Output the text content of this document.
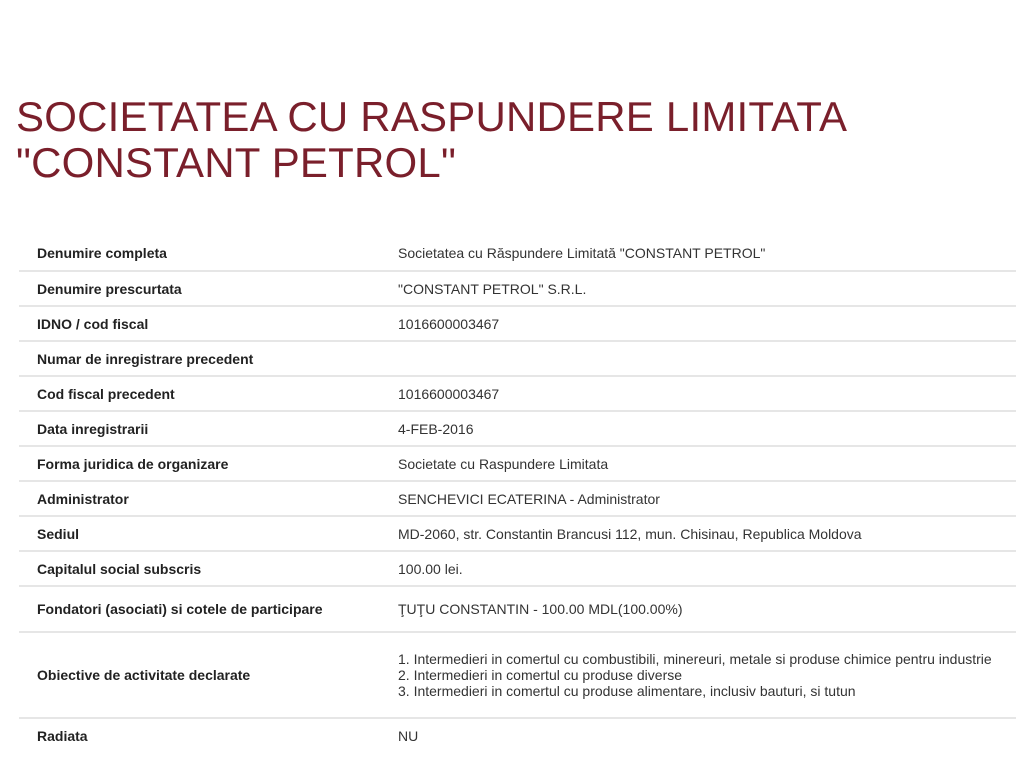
SOCIETATEA CU RASPUNDERE LIMITATA
"CONSTANT PETROL"
Denumire completa	Societatea cu Răspundere Limitată "CONSTANT PETROL"
Denumire prescurtata	"CONSTANT PETROL" S.R.L.
IDNO / cod fiscal	1016600003467
Numar de inregistrare precedent	
Cod fiscal precedent	1016600003467
Data inregistrarii	4-FEB-2016
Forma juridica de organizare	Societate cu Raspundere Limitata
Administrator	SENCHEVICI ECATERINA - Administrator
Sediul	MD-2060, str. Constantin Brancusi 112, mun. Chisinau, Republica Moldova
Capitalul social subscris	100.00 lei.
Fondatori (asociati) si cotele de participare	ŢUŢU CONSTANTIN - 100.00 MDL(100.00%)
Obiective de activitate declarate	1. Intermedieri in comertul cu combustibili, minereuri, metale si produse chimice pentru industrie
2. Intermedieri in comertul cu produse diverse
3. Intermedieri in comertul cu produse alimentare, inclusiv bauturi, si tutun

Radiata	NU
